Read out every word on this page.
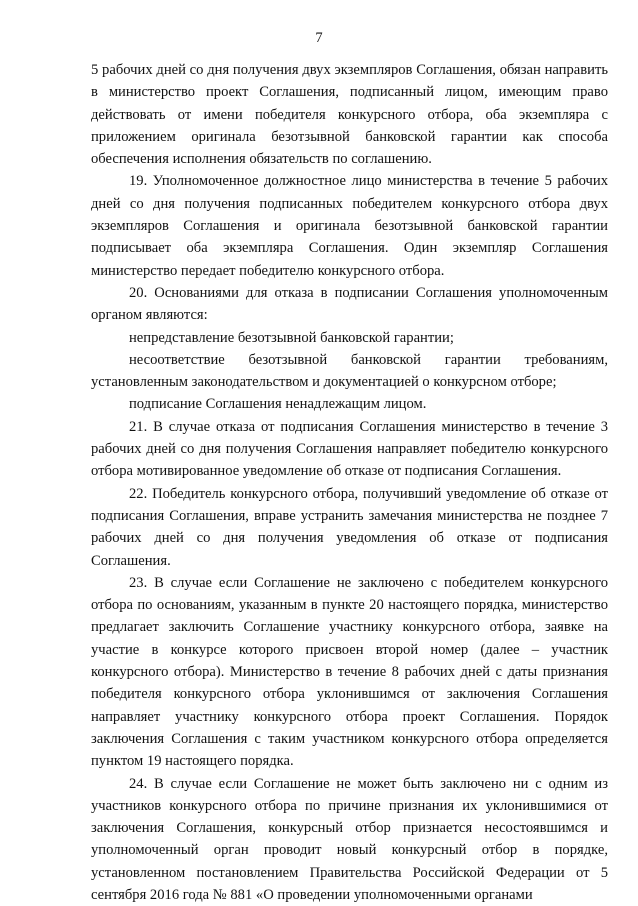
7

5 рабочих дней со дня получения двух экземпляров Соглашения, обязан направить в министерство проект Соглашения, подписанный лицом, имеющим право действовать от имени победителя конкурсного отбора, оба экземпляра с приложением оригинала безотзывной банковской гарантии как способа обеспечения исполнения обязательств по соглашению.

19. Уполномоченное должностное лицо министерства в течение 5 рабочих дней со дня получения подписанных победителем конкурсного отбора двух экземпляров Соглашения и оригинала безотзывной банковской гарантии подписывает оба экземпляра Соглашения. Один экземпляр Соглашения министерство передает победителю конкурсного отбора.

20. Основаниями для отказа в подписании Соглашения уполномоченным органом являются:

непредставление безотзывной банковской гарантии;

несоответствие безотзывной банковской гарантии требованиям, установленным законодательством и документацией о конкурсном отборе;

подписание Соглашения ненадлежащим лицом.

21. В случае отказа от подписания Соглашения министерство в течение 3 рабочих дней со дня получения Соглашения направляет победителю конкурсного отбора мотивированное уведомление об отказе от подписания Соглашения.

22. Победитель конкурсного отбора, получивший уведомление об отказе от подписания Соглашения, вправе устранить замечания министерства не позднее 7 рабочих дней со дня получения уведомления об отказе от подписания Соглашения.

23. В случае если Соглашение не заключено с победителем конкурсного отбора по основаниям, указанным в пункте 20 настоящего порядка, министерство предлагает заключить Соглашение участнику конкурсного отбора, заявке на участие в конкурсе которого присвоен второй номер (далее – участник конкурсного отбора). Министерство в течение 8 рабочих дней с даты признания победителя конкурсного отбора уклонившимся от заключения Соглашения направляет участнику конкурсного отбора проект Соглашения. Порядок заключения Соглашения с таким участником конкурсного отбора определяется пунктом 19 настоящего порядка.

24. В случае если Соглашение не может быть заключено ни с одним из участников конкурсного отбора по причине признания их уклонившимися от заключения Соглашения, конкурсный отбор признается несостоявшимся и уполномоченный орган проводит новый конкурсный отбор в порядке, установленном постановлением Правительства Российской Федерации от 5 сентября 2016 года № 881 «О проведении уполномоченными органами
